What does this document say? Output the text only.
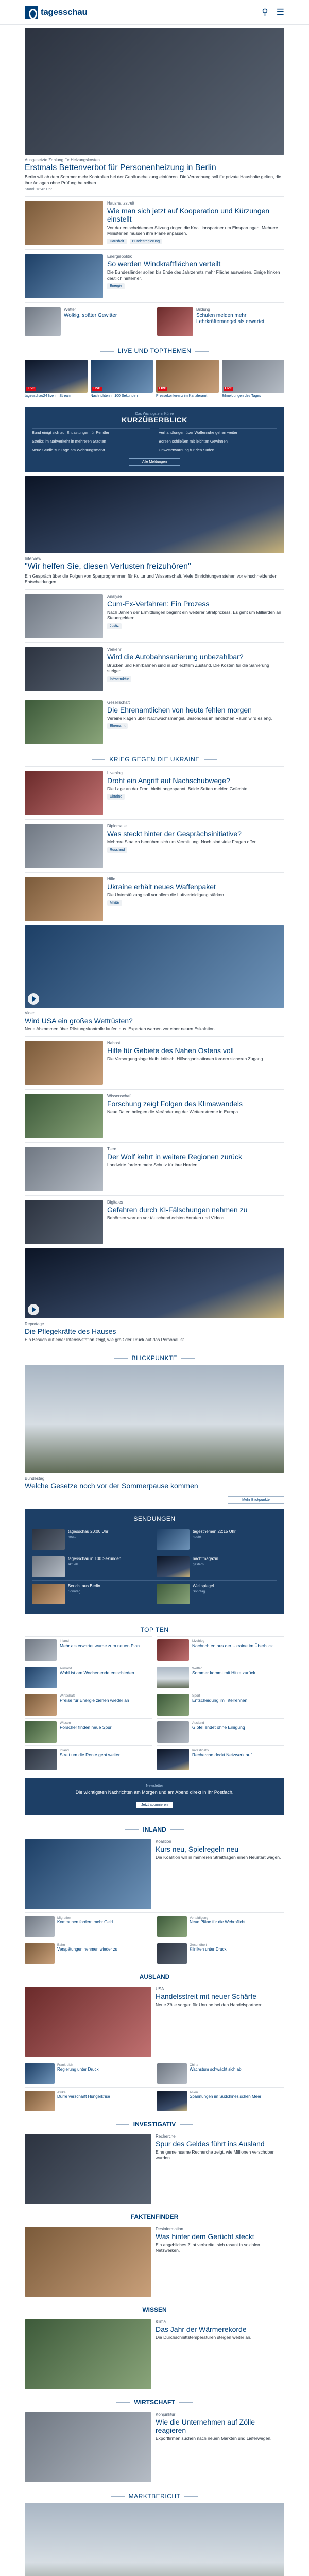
tagesschau	⚲ ☰
Ausgesetzte Zahlung für Heizungskosten
Erstmals Bettenverbot für Personenheizung in Berlin

Berlin will ab dem Sommer mehr Kontrollen bei der Gebäudeheizung einführen. Die Verordnung soll für private Haushalte gelten, die ihre Anlagen ohne Prüfung betreiben.

Stand: 18:42 Uhr
Haushaltsstreit
Wie man sich jetzt auf Kooperation und Kürzungen einstellt

Vor der entscheidenden Sitzung ringen die Koalitionspartner um Einsparungen. Mehrere Ministerien müssen ihre Pläne anpassen.

Haushalt	Bundesregierung
Energiepolitik
So werden Windkraftflächen verteilt

Die Bundesländer sollen bis Ende des Jahrzehnts mehr Fläche ausweisen. Einige hinken deutlich hinterher.

Energie
Wetter
Wolkig, später Gewitter
Bildung
Schulen melden mehr Lehrkräftemangel als erwartet
LIVE UND TOPTHEMEN
LIVE
tagesschau24 live im Stream
LIVE
Nachrichten in 100 Sekunden
LIVE
Pressekonferenz im Kanzleramt
LIVE
Eilmeldungen des Tages
Das Wichtigste in Kürze
KURZÜBERBLICK
Bund einigt sich auf Entlastungen für Pendler
Streiks im Nahverkehr in mehreren Städten
Neue Studie zur Lage am Wohnungsmarkt
Verhandlungen über Waffenruhe gehen weiter
Börsen schließen mit leichten Gewinnen
Unwetterwarnung für den Süden
Alle Meldungen
Interview
"Wir helfen Sie, diesen Verlusten freizuhören"

Ein Gespräch über die Folgen von Sparprogrammen für Kultur und Wissenschaft. Viele Einrichtungen stehen vor einschneidenden Entscheidungen.

Analyse
Cum-Ex-Verfahren: Ein Prozess

Nach Jahren der Ermittlungen beginnt ein weiterer Strafprozess. Es geht um Milliarden an Steuergeldern.

Justiz
Verkehr
Wird die Autobahnsanierung unbezahlbar?

Brücken und Fahrbahnen sind in schlechtem Zustand. Die Kosten für die Sanierung steigen.

Infrastruktur
Gesellschaft
Die Ehrenamtlichen von heute fehlen morgen

Vereine klagen über Nachwuchsmangel. Besonders im ländlichen Raum wird es eng.

Ehrenamt
KRIEG GEGEN DIE UKRAINE
Liveblog
Droht ein Angriff auf Nachschubwege?

Die Lage an der Front bleibt angespannt. Beide Seiten melden Gefechte.

Ukraine
Diplomatie
Was steckt hinter der Gesprächsinitiative?

Mehrere Staaten bemühen sich um Vermittlung. Noch sind viele Fragen offen.

Russland
Hilfe
Ukraine erhält neues Waffenpaket

Die Unterstützung soll vor allem die Luftverteidigung stärken.

Militär
Video
Wird USA ein großes Wettrüsten?

Neue Abkommen über Rüstungskontrolle laufen aus. Experten warnen vor einer neuen Eskalation.

Nahost
Hilfe für Gebiete des Nahen Ostens voll

Die Versorgungslage bleibt kritisch. Hilfsorganisationen fordern sicheren Zugang.

Wissenschaft
Forschung zeigt Folgen des Klimawandels

Neue Daten belegen die Veränderung der Wetterextreme in Europa.

Tiere
Der Wolf kehrt in weitere Regionen zurück

Landwirte fordern mehr Schutz für ihre Herden.

Digitales
Gefahren durch KI-Fälschungen nehmen zu

Behörden warnen vor täuschend echten Anrufen und Videos.

Reportage
Die Pflegekräfte des Hauses

Ein Besuch auf einer Intensivstation zeigt, wie groß der Druck auf das Personal ist.

BLICKPUNKTE
Bundestag
Welche Gesetze noch vor der Sommerpause kommen
Mehr Blickpunkte
SENDUNGEN
tagesschau 20:00 Uhr
heute
tagesthemen 22:15 Uhr
heute
tagesschau in 100 Sekunden
aktuell
nachtmagazin
gestern
Bericht aus Berlin
Sonntag
Weltspiegel
Sonntag
TOP TEN
Inland
Mehr als erwartet wurde zum neuen Plan
Ausland
Wahl ist am Wochenende entschieden
Wirtschaft
Preise für Energie ziehen wieder an
Wissen
Forscher finden neue Spur
Inland
Streit um die Rente geht weiter
Liveblog
Nachrichten aus der Ukraine im Überblick
Wetter
Sommer kommt mit Hitze zurück
Sport
Entscheidung im Titelrennen
Ausland
Gipfel endet ohne Einigung
Investigativ
Recherche deckt Netzwerk auf
Newsletter
Die wichtigsten Nachrichten am Morgen und am Abend direkt in Ihr Postfach.
Jetzt abonnieren
INLAND
Koalition
Kurs neu, Spielregeln neu

Die Koalition will in mehreren Streitfragen einen Neustart wagen.

Migration
Kommunen fordern mehr Geld
Verteidigung
Neue Pläne für die Wehrpflicht
Bahn
Verspätungen nehmen wieder zu
Gesundheit
Kliniken unter Druck
AUSLAND
USA
Handelsstreit mit neuer Schärfe

Neue Zölle sorgen für Unruhe bei den Handelspartnern.

Frankreich
Regierung unter Druck
China
Wachstum schwächt sich ab
Afrika
Dürre verschärft Hungerkrise
Asien
Spannungen im Südchinesischen Meer
INVESTIGATIV
Recherche
Spur des Geldes führt ins Ausland

Eine gemeinsame Recherche zeigt, wie Millionen verschoben wurden.

FAKTENFINDER
Desinformation
Was hinter dem Gerücht steckt

Ein angebliches Zitat verbreitet sich rasant in sozialen Netzwerken.

WISSEN
Klima
Das Jahr der Wärmerekorde

Die Durchschnittstemperaturen steigen weiter an.

WIRTSCHAFT
Konjunktur
Wie die Unternehmen auf Zölle reagieren

Exportfirmen suchen nach neuen Märkten und Lieferwegen.

MARKTBERICHT
